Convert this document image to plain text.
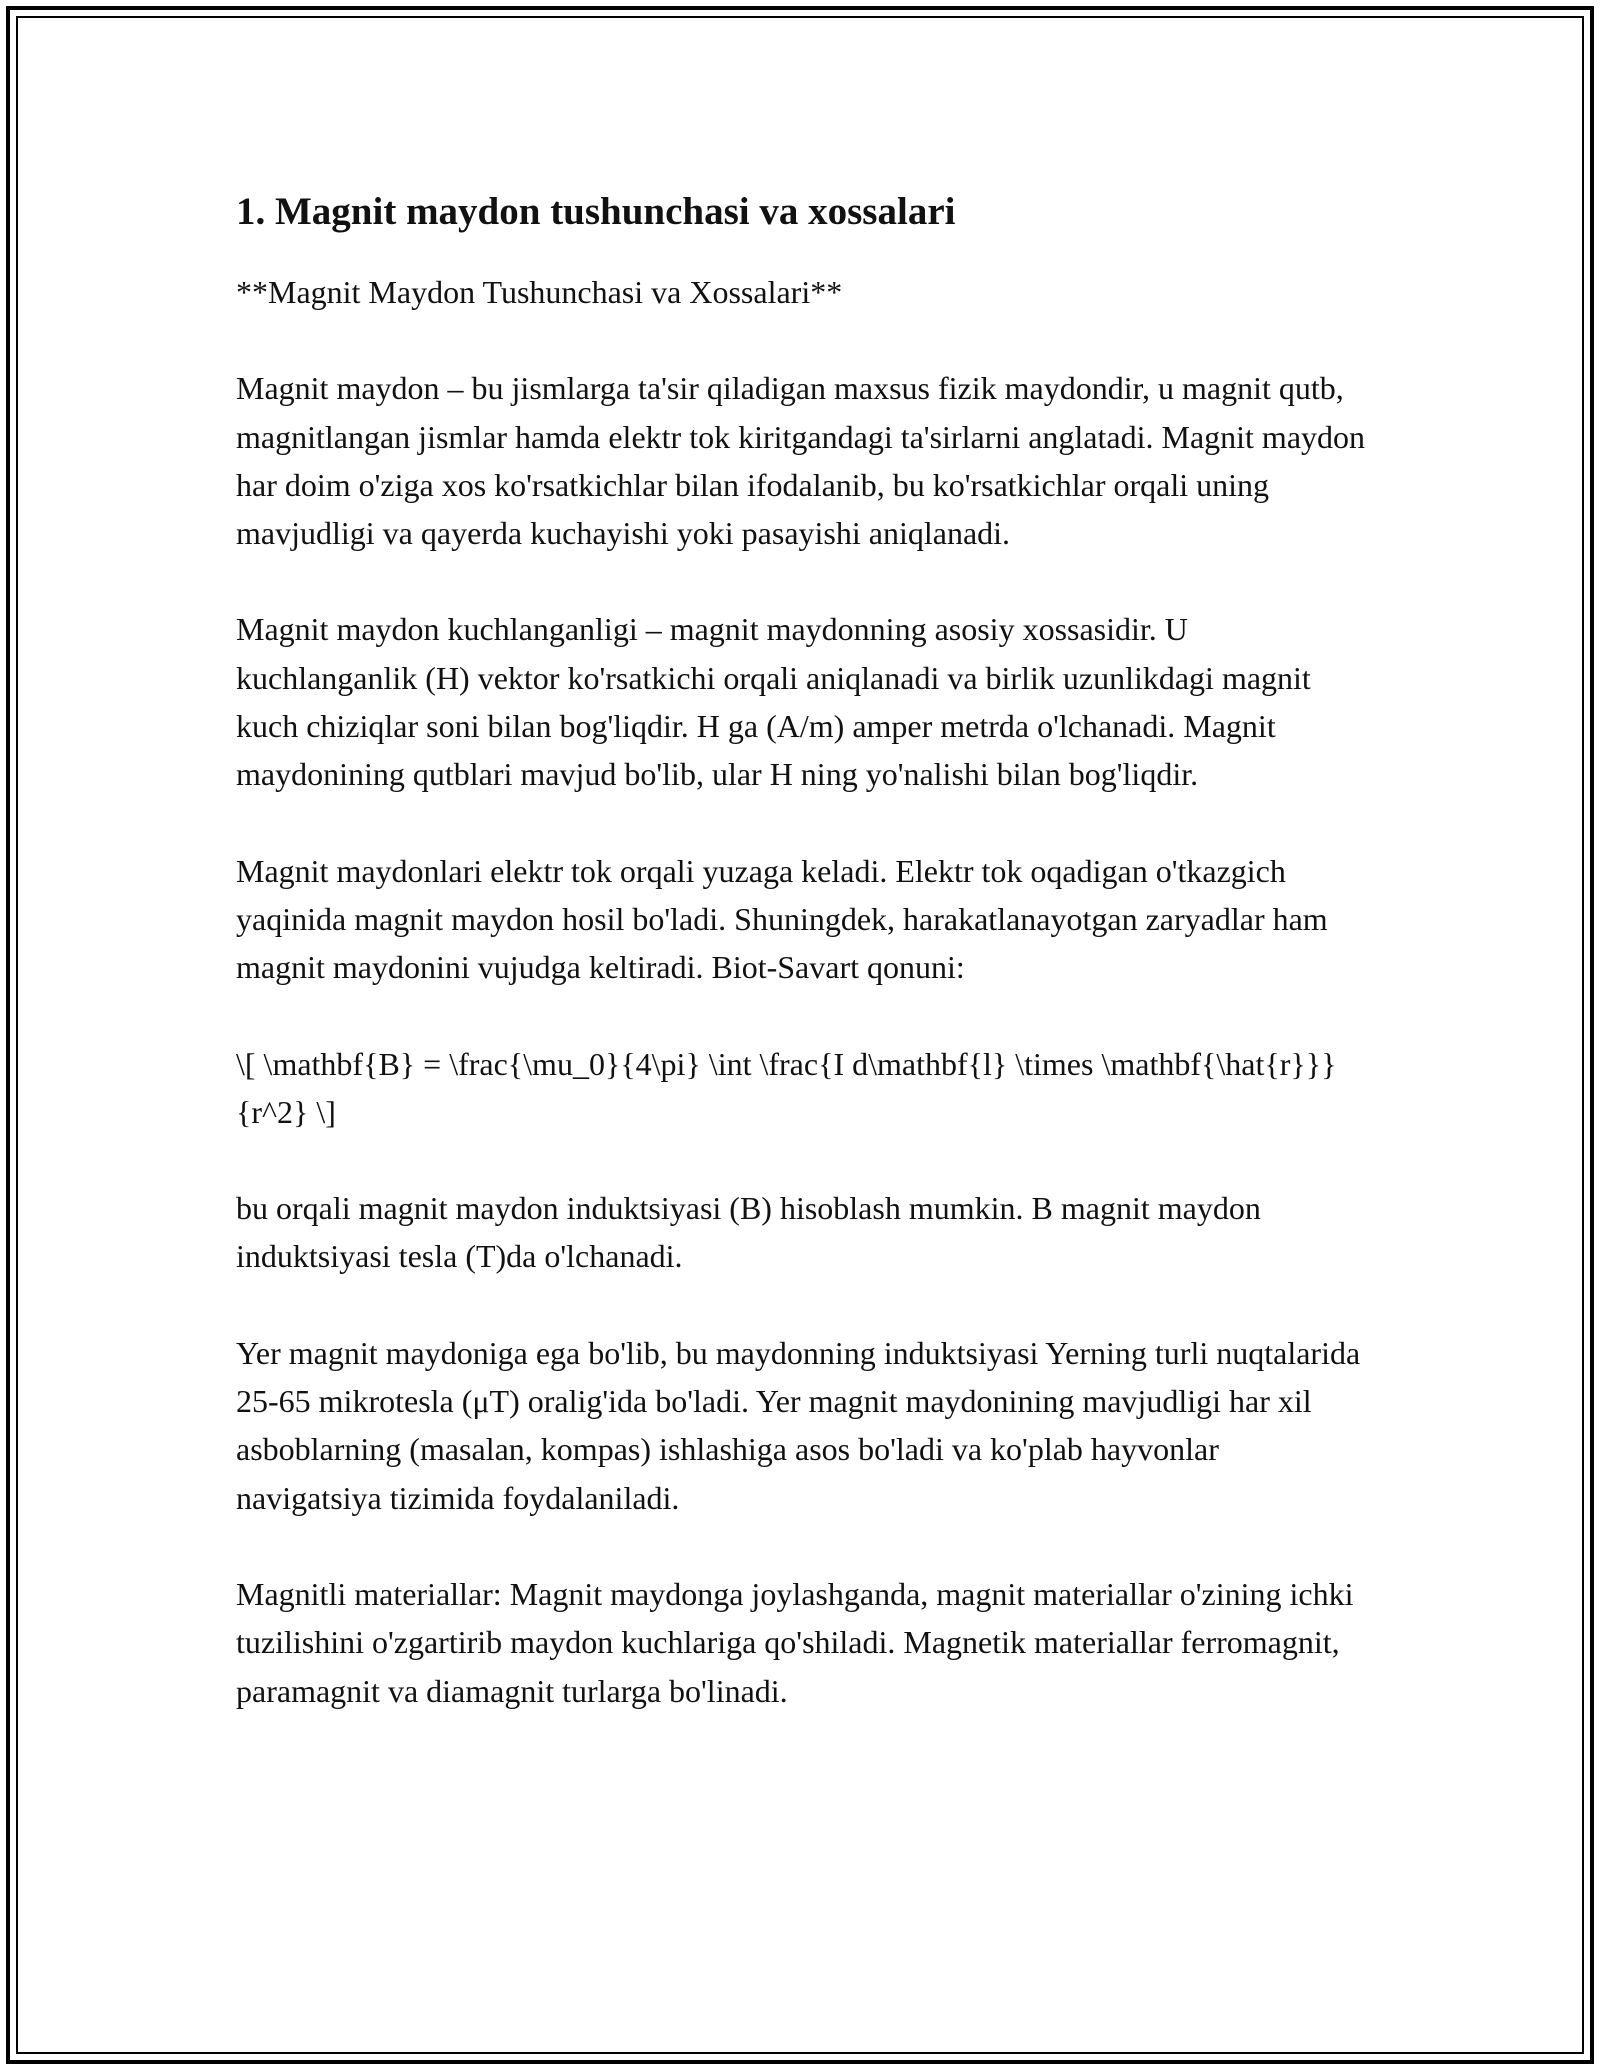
1. Magnit maydon tushunchasi va xossalari

**Magnit Maydon Tushunchasi va Xossalari**

Magnit maydon – bu jismlarga ta'sir qiladigan maxsus fizik maydondir, u magnit qutb, magnitlangan jismlar hamda elektr tok kiritgandagi ta'sirlarni anglatadi. Magnit maydon har doim o'ziga xos ko'rsatkichlar bilan ifodalanib, bu ko'rsatkichlar orqali uning mavjudligi va qayerda kuchayishi yoki pasayishi aniqlanadi.

Magnit maydon kuchlanganligi – magnit maydonning asosiy xossasidir. U kuchlanganlik (H) vektor ko'rsatkichi orqali aniqlanadi va birlik uzunlikdagi magnit kuch chiziqlar soni bilan bog'liqdir. H ga (A/m) amper metrda o'lchanadi. Magnit maydonining qutblari mavjud bo'lib, ular H ning yo'nalishi bilan bog'liqdir.

Magnit maydonlari elektr tok orqali yuzaga keladi. Elektr tok oqadigan o'tkazgich yaqinida magnit maydon hosil bo'ladi. Shuningdek, harakatlanayotgan zaryadlar ham magnit maydonini vujudga keltiradi. Biot-Savart qonuni:

\[ \mathbf{B} = \frac{\mu_0}{4\pi} \int \frac{I d\mathbf{l} \times \mathbf{\hat{r}}}{r^2} \]

bu orqali magnit maydon induktsiyasi (B) hisoblash mumkin. B magnit maydon induktsiyasi tesla (T)da o'lchanadi.

Yer magnit maydoniga ega bo'lib, bu maydonning induktsiyasi Yerning turli nuqtalarida 25-65 mikrotesla (μT) oralig'ida bo'ladi. Yer magnit maydonining mavjudligi har xil asboblarning (masalan, kompas) ishlashiga asos bo'ladi va ko'plab hayvonlar navigatsiya tizimida foydalaniladi.

Magnitli materiallar: Magnit maydonga joylashganda, magnit materiallar o'zining ichki tuzilishini o'zgartirib maydon kuchlariga qo'shiladi. Magnetik materiallar ferromagnit, paramagnit va diamagnit turlarga bo'linadi.
